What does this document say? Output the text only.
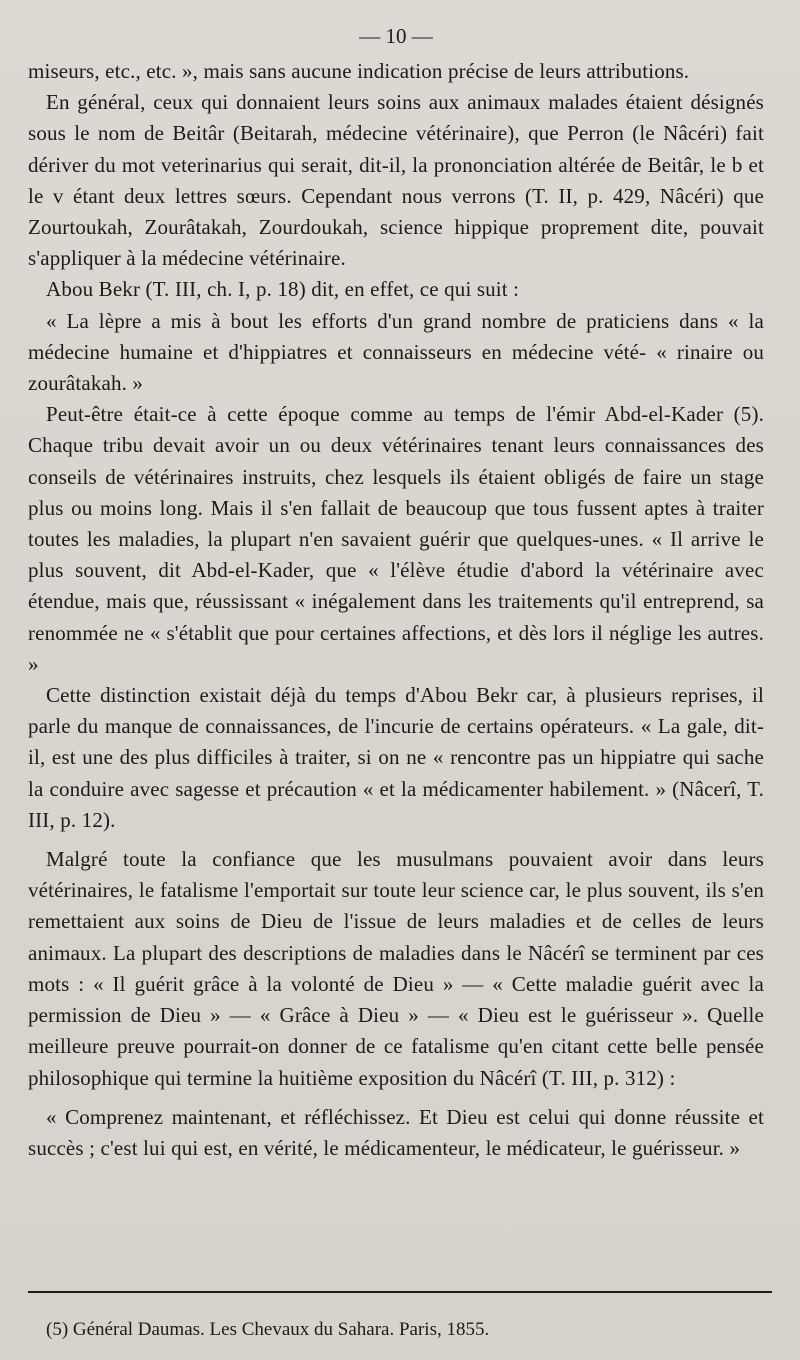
— 10 —

miseurs, etc., etc. », mais sans aucune indication précise de leurs attributions.

En général, ceux qui donnaient leurs soins aux animaux malades étaient désignés sous le nom de Beitâr (Beitarah, médecine vétérinaire), que Perron (le Nâcéri) fait dériver du mot veterinarius qui serait, dit-il, la prononciation altérée de Beitâr, le b et le v étant deux lettres sœurs. Cependant nous verrons (T. II, p. 429, Nâcéri) que Zourtoukah, Zourâtakah, Zourdoukah, science hippique proprement dite, pouvait s'appliquer à la médecine vétérinaire.

Abou Bekr (T. III, ch. I, p. 18) dit, en effet, ce qui suit :

« La lèpre a mis à bout les efforts d'un grand nombre de praticiens dans « la médecine humaine et d'hippiatres et connaisseurs en médecine vété- « rinaire ou zourâtakah. »

Peut-être était-ce à cette époque comme au temps de l'émir Abd-el-Kader (5). Chaque tribu devait avoir un ou deux vétérinaires tenant leurs connaissances des conseils de vétérinaires instruits, chez lesquels ils étaient obligés de faire un stage plus ou moins long. Mais il s'en fallait de beaucoup que tous fussent aptes à traiter toutes les maladies, la plupart n'en savaient guérir que quelques-unes. « Il arrive le plus souvent, dit Abd-el-Kader, que « l'élève étudie d'abord la vétérinaire avec étendue, mais que, réussissant « inégalement dans les traitements qu'il entreprend, sa renommée ne « s'établit que pour certaines affections, et dès lors il néglige les autres. »

Cette distinction existait déjà du temps d'Abou Bekr car, à plusieurs reprises, il parle du manque de connaissances, de l'incurie de certains opérateurs. « La gale, dit-il, est une des plus difficiles à traiter, si on ne « rencontre pas un hippiatre qui sache la conduire avec sagesse et précaution « et la médicamenter habilement. » (Nâcerî, T. III, p. 12).

Malgré toute la confiance que les musulmans pouvaient avoir dans leurs vétérinaires, le fatalisme l'emportait sur toute leur science car, le plus souvent, ils s'en remettaient aux soins de Dieu de l'issue de leurs maladies et de celles de leurs animaux. La plupart des descriptions de maladies dans le Nâcérî se terminent par ces mots : « Il guérit grâce à la volonté de Dieu » — « Cette maladie guérit avec la permission de Dieu » — « Grâce à Dieu » — « Dieu est le guérisseur ». Quelle meilleure preuve pourrait-on donner de ce fatalisme qu'en citant cette belle pensée philosophique qui termine la huitième exposition du Nâcérî (T. III, p. 312) :

« Comprenez maintenant, et réfléchissez. Et Dieu est celui qui donne réussite et succès ; c'est lui qui est, en vérité, le médicamenteur, le médicateur, le guérisseur. »

(5) Général Daumas. Les Chevaux du Sahara. Paris, 1855.
